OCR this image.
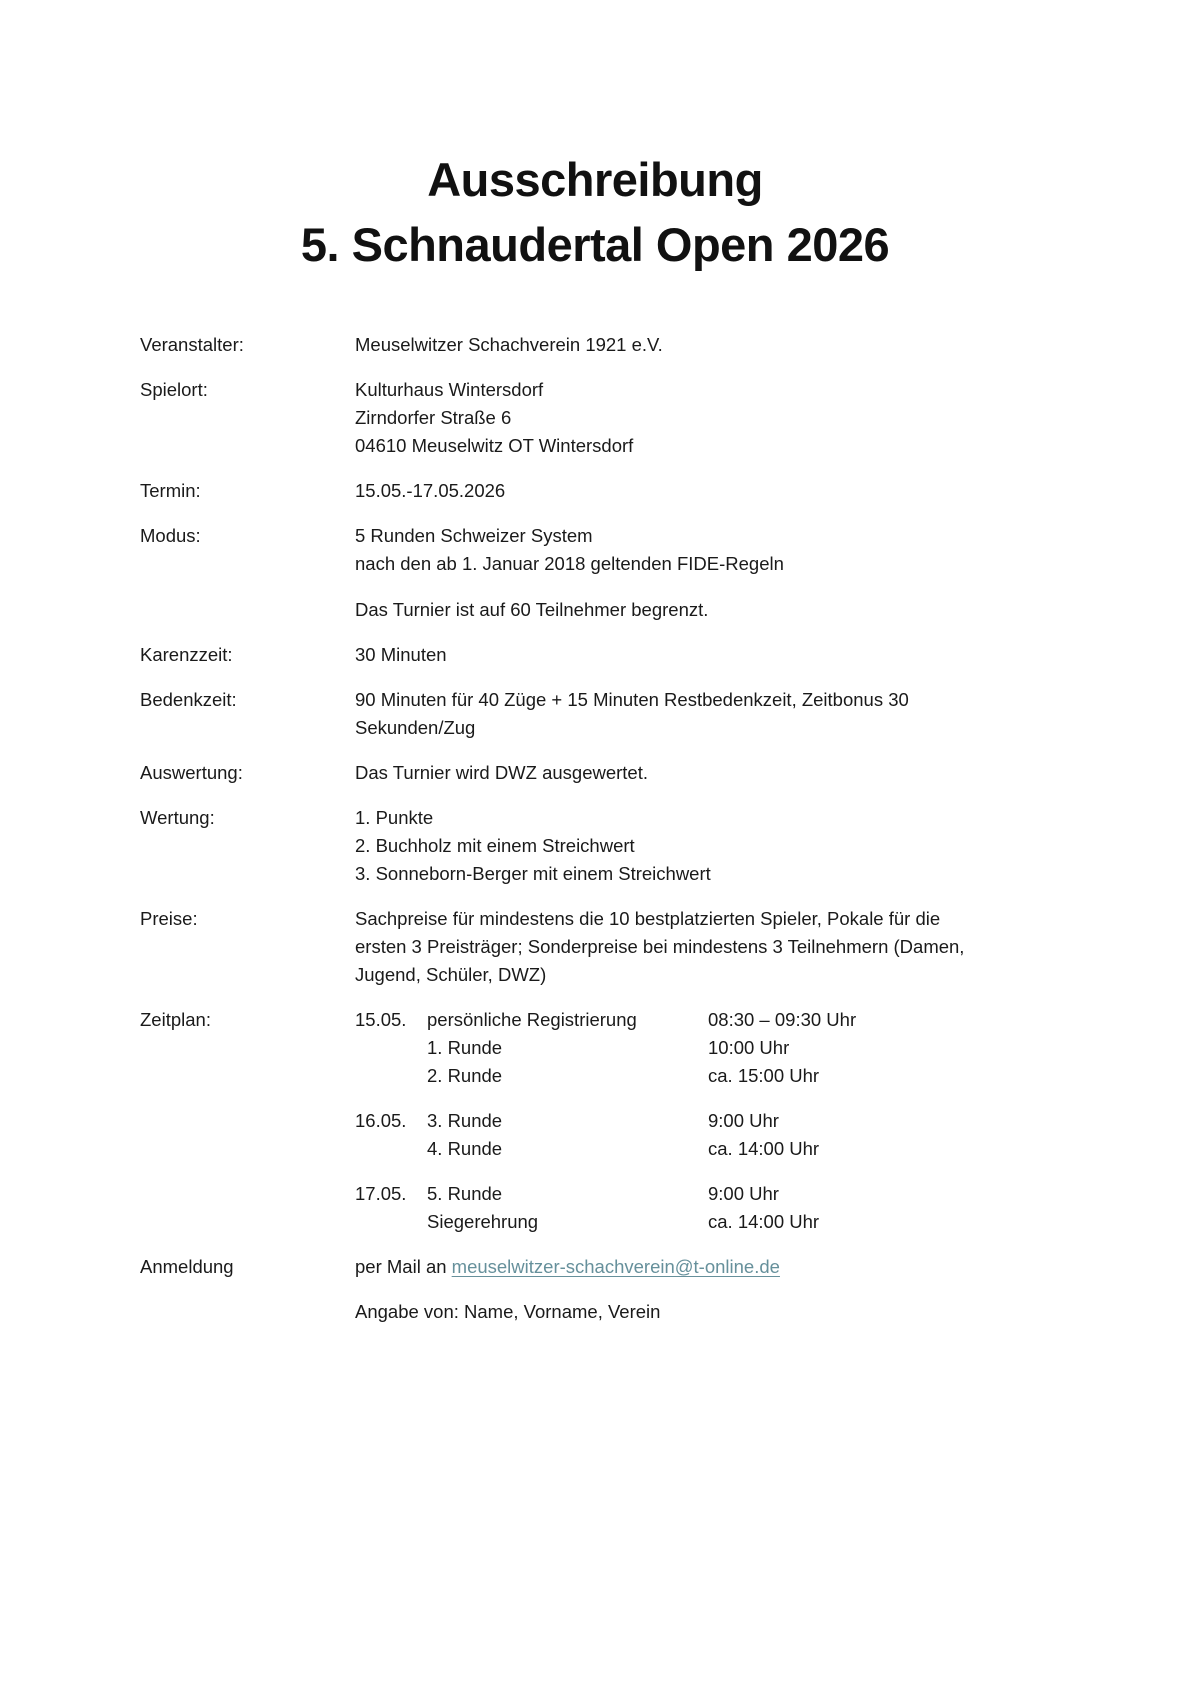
Ausschreibung
5. Schnaudertal Open 2026
Veranstalter:	Meuselwitzer Schachverein 1921 e.V.
Spielort:	Kulturhaus Wintersdorf
Zirndorfer Straße 6
04610 Meuselwitz OT Wintersdorf
Termin:	15.05.-17.05.2026
Modus:	5 Runden Schweizer System
nach den ab 1. Januar 2018 geltenden FIDE-Regeln
Das Turnier ist auf 60 Teilnehmer begrenzt.
Karenzzeit:	30 Minuten
Bedenkzeit:	90 Minuten für 40 Züge + 15 Minuten Restbedenkzeit, Zeitbonus 30
Sekunden/Zug
Auswertung:	Das Turnier wird DWZ ausgewertet.
Wertung:	1. Punkte
2. Buchholz mit einem Streichwert
3. Sonneborn-Berger mit einem Streichwert
Preise:	Sachpreise für mindestens die 10 bestplatzierten Spieler, Pokale für die
ersten 3 Preisträger; Sonderpreise bei mindestens 3 Teilnehmern (Damen,
Jugend, Schüler, DWZ)
Zeitplan:	15.05.	persönliche Registrierung	08:30 – 09:30 Uhr
1. Runde	10:00 Uhr
2. Runde	ca. 15:00 Uhr
16.05.	3. Runde	9:00 Uhr
4. Runde	ca. 14:00 Uhr
17.05.	5. Runde	9:00 Uhr
Siegerehrung	ca. 14:00 Uhr
Anmeldung	per Mail an meuselwitzer-schachverein@t-online.de
Angabe von: Name, Vorname, Verein
